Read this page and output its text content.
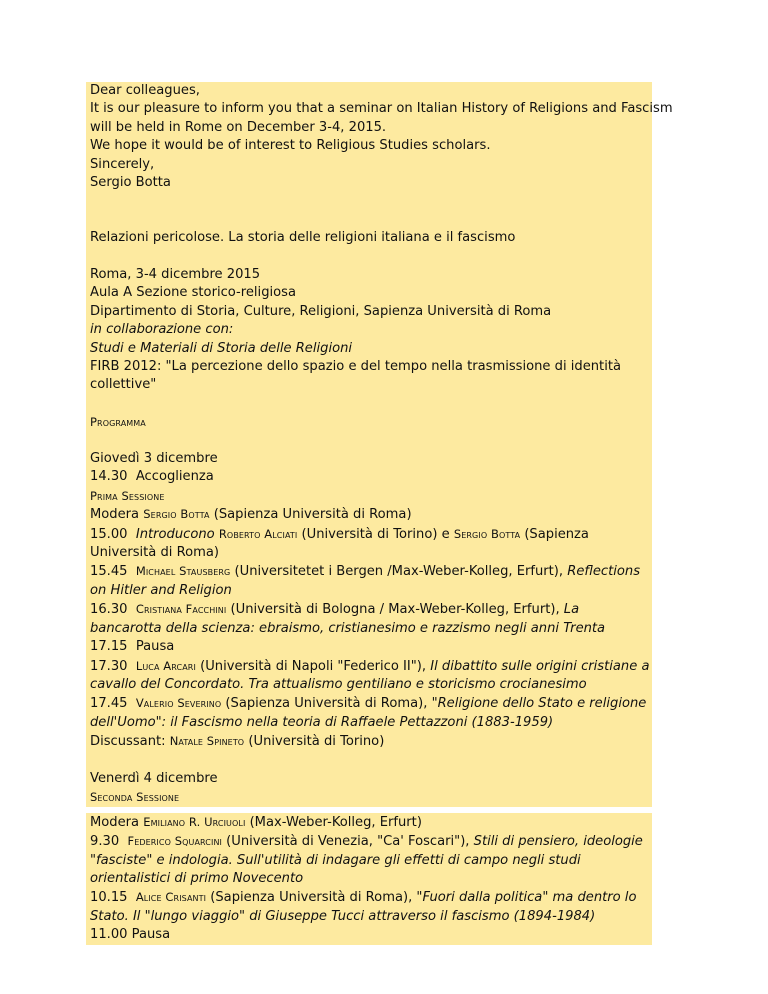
Dear colleagues,
It is our pleasure to inform you that a seminar on Italian History of Religions and Fascism
will be held in Rome on December 3-4, 2015.
We hope it would be of interest to Religious Studies scholars.
Sincerely,
Sergio Botta
Relazioni pericolose. La storia delle religioni italiana e il fascismo
Roma, 3-4 dicembre 2015
Aula A Sezione storico-religiosa
Dipartimento di Storia, Culture, Religioni, Sapienza Università di Roma
in collaborazione con:
Studi e Materiali di Storia delle Religioni
FIRB 2012: "La percezione dello spazio e del tempo nella trasmissione di identità collettive"
Programma
Giovedì 3 dicembre
14.30 Accoglienza
Prima Sessione
Modera Sergio Botta (Sapienza Università di Roma)
15.00 Introducono Roberto Alciati (Università di Torino) e Sergio Botta (Sapienza Università di Roma)
15.45 Michael Stausberg (Universitetet i Bergen /Max-Weber-Kolleg, Erfurt), Reflections on Hitler and Religion
16.30 Cristiana Facchini (Università di Bologna / Max-Weber-Kolleg, Erfurt), La bancarotta della scienza: ebraismo, cristianesimo e razzismo negli anni Trenta
17.15 Pausa
17.30 Luca Arcari (Università di Napoli "Federico II"), Il dibattito sulle origini cristiane a cavallo del Concordato. Tra attualismo gentiliano e storicismo crocianesimo
17.45 Valerio Severino (Sapienza Università di Roma), "Religione dello Stato e religione dell'Uomo": il Fascismo nella teoria di Raffaele Pettazzoni (1883-1959)
Discussant: Natale Spineto (Università di Torino)
Venerdì 4 dicembre
Seconda Sessione
Modera Emiliano R. Urciuoli (Max-Weber-Kolleg, Erfurt)
9.30 Federico Squarcini (Università di Venezia, "Ca' Foscari"), Stili di pensiero, ideologie "fasciste" e indologia. Sull'utilità di indagare gli effetti di campo negli studi orientalistici di primo Novecento
10.15 Alice Crisanti (Sapienza Università di Roma), "Fuori dalla politica" ma dentro lo Stato. Il "lungo viaggio" di Giuseppe Tucci attraverso il fascismo (1894-1984)
11.00 Pausa
